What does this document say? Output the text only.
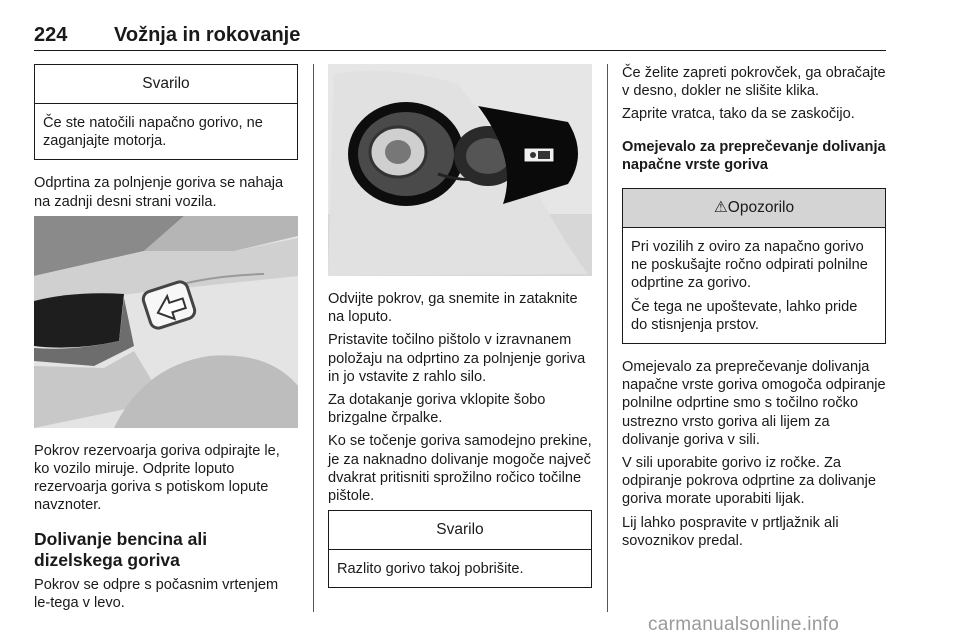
224 Vožnja in rokovanje
Svarilo

Če ste natočili napačno gorivo, ne zaganjajte motorja.

Odprtina za polnjenje goriva se nahaja na zadnji desni strani vozila.

Pokrov rezervoarja goriva odpirajte le, ko vozilo miruje. Odprite loputo rezervoarja goriva s potiskom lopute navznoter.

Dolivanje bencina ali dizelskega goriva

Pokrov se odpre s počasnim vrtenjem le-tega v levo.

Odvijte pokrov, ga snemite in zataknite na loputo.

Pristavite točilno pištolo v izravnanem položaju na odprtino za polnjenje goriva in jo vstavite z rahlo silo.

Za dotakanje goriva vklopite šobo brizgalne črpalke.

Ko se točenje goriva samodejno prekine, je za naknadno dolivanje mogoče največ dvakrat pritisniti sprožilno ročico točilne pištole.

Svarilo

Razlito gorivo takoj pobrišite.

Če želite zapreti pokrovček, ga obračajte v desno, dokler ne slišite klika.

Zaprite vratca, tako da se zaskočijo.

Omejevalo za preprečevanje dolivanja napačne vrste goriva
⚠Opozorilo

Pri vozilih z oviro za napačno gorivo ne poskušajte ročno odpirati polnilne odprtine za gorivo.

Če tega ne upoštevate, lahko pride do stisnjenja prstov.

Omejevalo za preprečevanje dolivanja napačne vrste goriva omogoča odpiranje polnilne odprtine smo s točilno ročko ustrezno vrsto goriva ali lijem za dolivanje goriva v sili.

V sili uporabite gorivo iz ročke. Za odpiranje pokrova odprtine za dolivanje goriva morate uporabiti lijak.

Lij lahko pospravite v prtljažnik ali sovoznikov predal.

carmanualsonline.info
